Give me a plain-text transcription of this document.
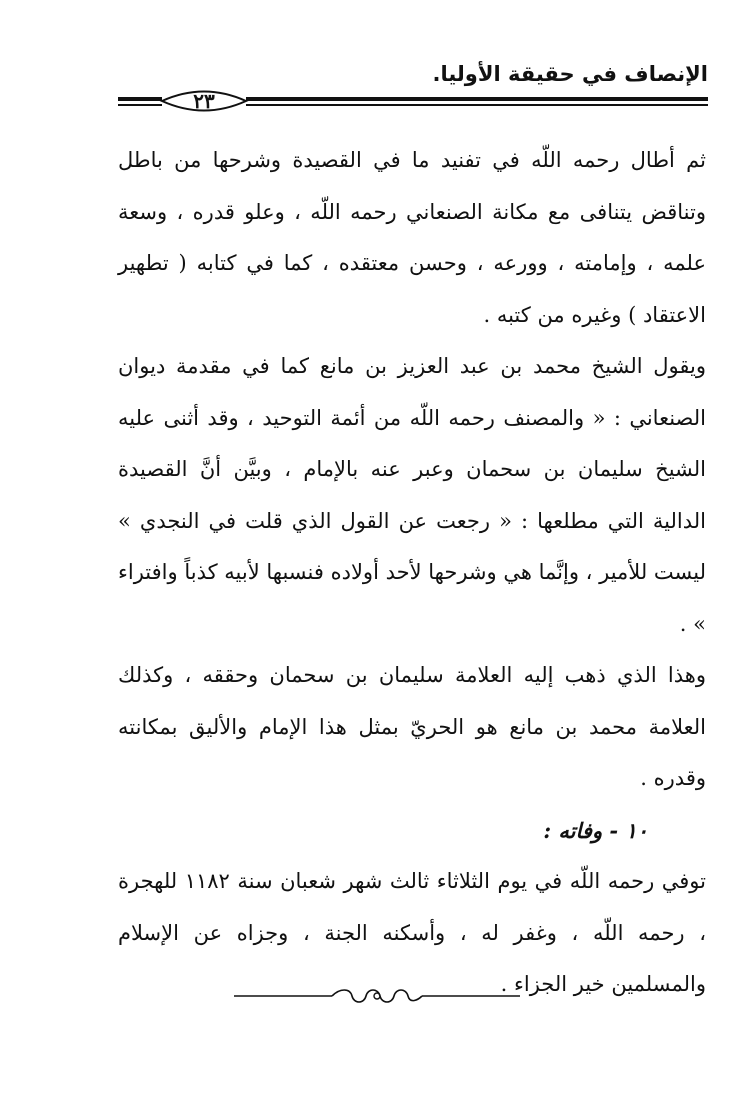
الإنصاف في حقيقة الأوليا.
٢٣

ثم أطال رحمه اللّه في تفنيد ما في القصيدة وشرحها من باطل وتناقض يتنافى مع مكانة الصنعاني رحمه اللّه ، وعلو قدره ، وسعة علمه ، وإمامته ، وورعه ، وحسن معتقده ، كما في كتابه ( تطهير الاعتقاد ) وغيره من كتبه .

ويقول الشيخ محمد بن عبد العزيز بن مانع كما في مقدمة ديوان الصنعاني : « والمصنف رحمه اللّه من أئمة التوحيد ، وقد أثنى عليه الشيخ سليمان بن سحمان وعبر عنه بالإمام ، وبيَّن أنَّ القصيدة الدالية التي مطلعها : « رجعت عن القول الذي قلت في النجدي » ليست للأمير ، وإنَّما هي وشرحها لأحد أولاده فنسبها لأبيه كذباً وافتراء » .

وهذا الذي ذهب إليه العلامة سليمان بن سحمان وحققه ، وكذلك العلامة محمد بن مانع هو الحريّ بمثل هذا الإمام والأليق بمكانته وقدره .

١٠ - وفاته :

توفي رحمه اللّه في يوم الثلاثاء ثالث شهر شعبان سنة ١١٨٢ للهجرة ، رحمه اللّه ، وغفر له ، وأسكنه الجنة ، وجزاه عن الإسلام والمسلمين خير الجزاء .
